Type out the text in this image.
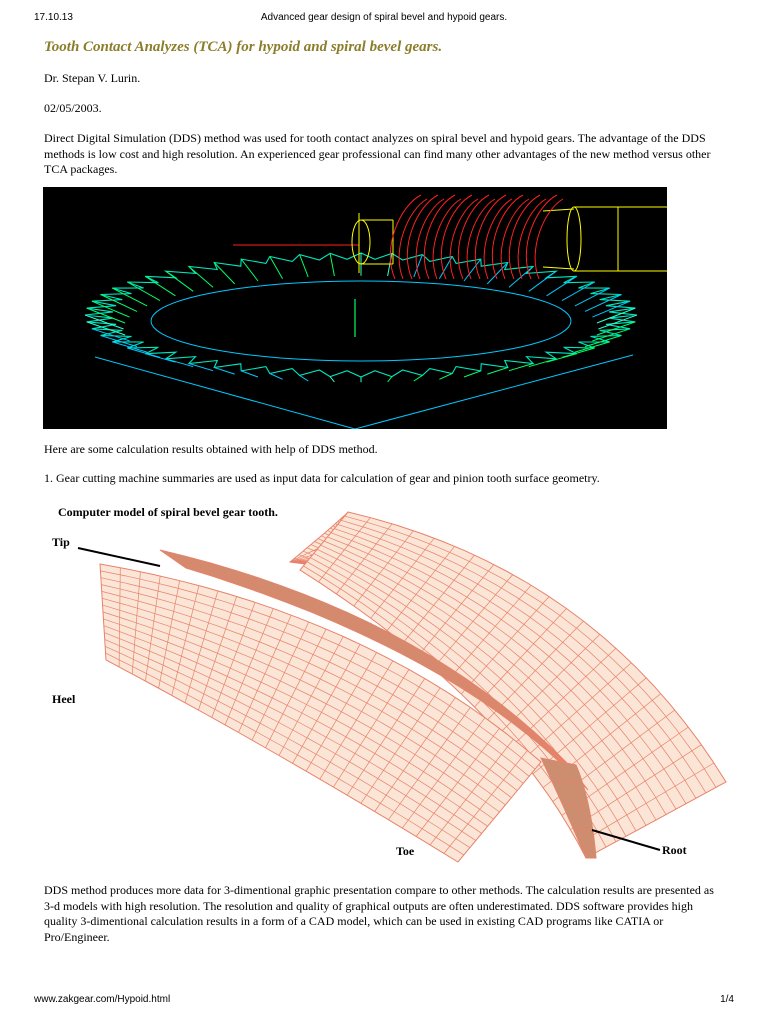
17.10.13	Advanced gear design of spiral bevel and hypoid gears.
Tooth Contact Analyzes (TCA) for hypoid and spiral bevel gears.

Dr. Stepan V. Lurin.

02/05/2003.

Direct Digital Simulation (DDS) method was used for tooth contact analyzes on spiral bevel and hypoid gears. The advantage of the DDS methods is low cost and high resolution. An experienced gear professional can find many other advantages of the new method versus other TCA packages.

Here are some calculation results obtained with help of DDS method.

1. Gear cutting machine summaries are used as input data for calculation of gear and pinion tooth surface geometry.

Computer model of spiral bevel gear tooth.
Tip
Heel
Toe	Root

DDS method produces more data for 3-dimentional graphic presentation compare to other methods. The calculation results are presented as 3-d models with high resolution. The resolution and quality of graphical outputs are often underestimated. DDS software provides high quality 3-dimentional calculation results in a form of a CAD model, which can be used in existing CAD programs like CATIA or Pro/Engineer.

www.zakgear.com/Hypoid.html	1/4
